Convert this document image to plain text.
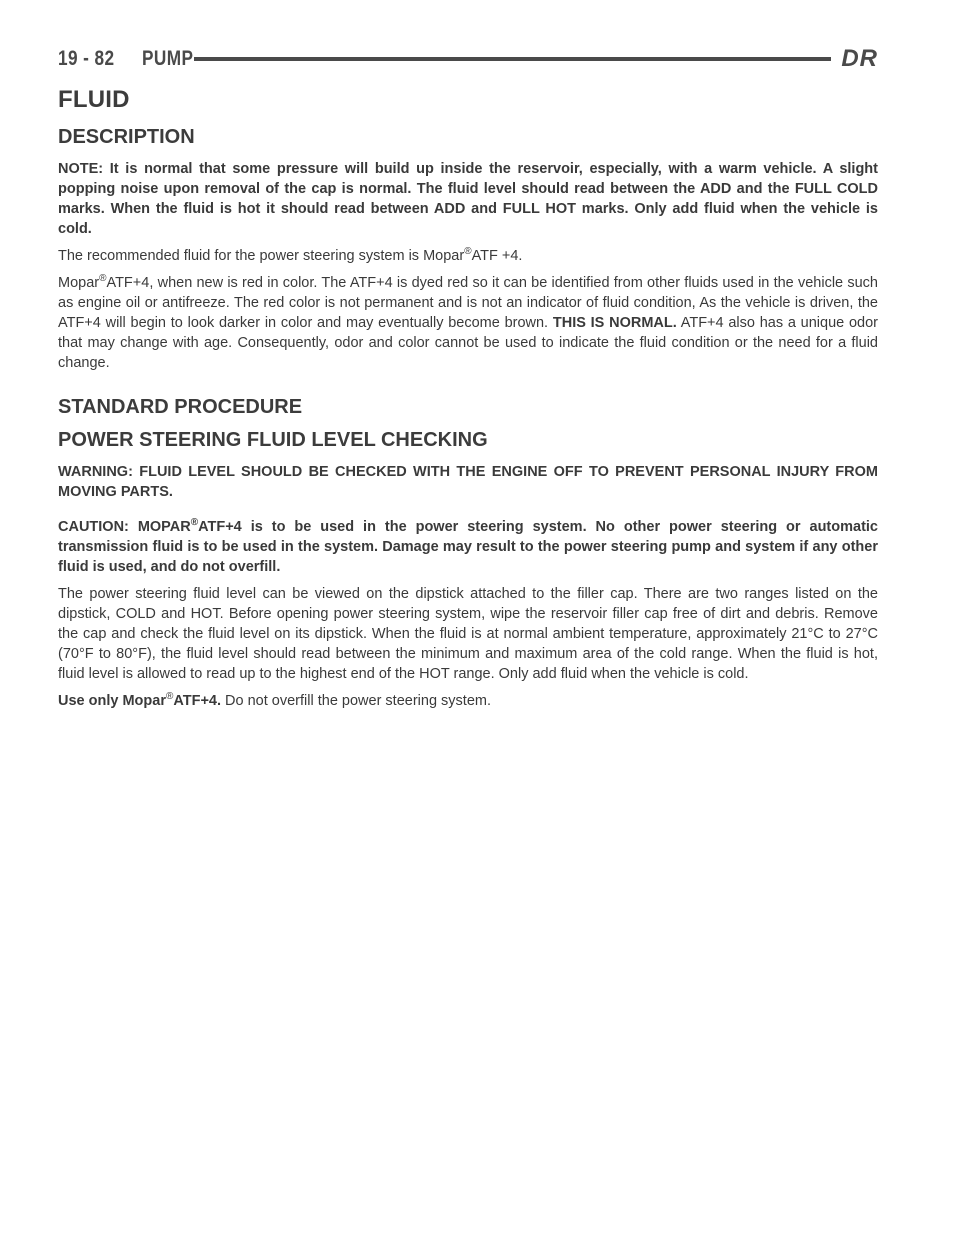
19 - 82	PUMP	DR
FLUID
DESCRIPTION

NOTE: It is normal that some pressure will build up inside the reservoir, especially, with a warm vehicle. A slight popping noise upon removal of the cap is normal. The fluid level should read between the ADD and the FULL COLD marks. When the fluid is hot it should read between ADD and FULL HOT marks. Only add fluid when the vehicle is cold.

The recommended fluid for the power steering system is Mopar®ATF +4.

Mopar®ATF+4, when new is red in color. The ATF+4 is dyed red so it can be identified from other fluids used in the vehicle such as engine oil or antifreeze. The red color is not permanent and is not an indicator of fluid condition, As the vehicle is driven, the ATF+4 will begin to look darker in color and may eventually become brown. THIS IS NORMAL. ATF+4 also has a unique odor that may change with age. Consequently, odor and color cannot be used to indicate the fluid condition or the need for a fluid change.

STANDARD PROCEDURE
POWER STEERING FLUID LEVEL CHECKING

WARNING: FLUID LEVEL SHOULD BE CHECKED WITH THE ENGINE OFF TO PREVENT PERSONAL INJURY FROM MOVING PARTS.

CAUTION: MOPAR®ATF+4 is to be used in the power steering system. No other power steering or automatic transmission fluid is to be used in the system. Damage may result to the power steering pump and system if any other fluid is used, and do not overfill.

The power steering fluid level can be viewed on the dipstick attached to the filler cap. There are two ranges listed on the dipstick, COLD and HOT. Before opening power steering system, wipe the reservoir filler cap free of dirt and debris. Remove the cap and check the fluid level on its dipstick. When the fluid is at normal ambient temperature, approximately 21°C to 27°C (70°F to 80°F), the fluid level should read between the minimum and maximum area of the cold range. When the fluid is hot, fluid level is allowed to read up to the highest end of the HOT range. Only add fluid when the vehicle is cold.

Use only Mopar®ATF+4. Do not overfill the power steering system.
